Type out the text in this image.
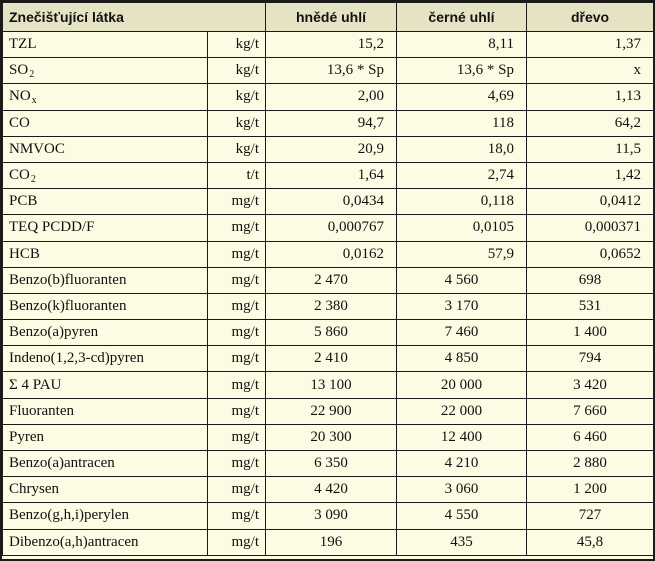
Znečišťující látka		hnědé uhlí	černé uhlí	dřevo
TZL	kg/t	15,2	8,11	1,37
$SO_2$	kg/t	13,6 * Sp	13,6 * Sp	x
$NO_x$	kg/t	2,00	4,69	1,13
CO	kg/t	94,7	118	64,2
NMVOC	kg/t	20,9	18,0	11,5
$CO_2$	t/t	1,64	2,74	1,42
PCB	mg/t	0,0434	0,118	0,0412
TEQ PCDD/F	mg/t	0,000767	0,0105	0,000371
HCB	mg/t	0,0162	57,9	0,0652
Benzo(b)fluoranten	mg/t	2 470	4 560	698
Benzo(k)fluoranten	mg/t	2 380	3 170	531
Benzo(a)pyren	mg/t	5 860	7 460	1 400
Indeno(1,2,3-cd)pyren	mg/t	2 410	4 850	794
Σ 4 PAU	mg/t	13 100	20 000	3 420
Fluoranten	mg/t	22 900	22 000	7 660
Pyren	mg/t	20 300	12 400	6 460
Benzo(a)antracen	mg/t	6 350	4 210	2 880
Chrysen	mg/t	4 420	3 060	1 200
Benzo(g,h,i)perylen	mg/t	3 090	4 550	727
Dibenzo(a,h)antracen	mg/t	196	435	45,8
